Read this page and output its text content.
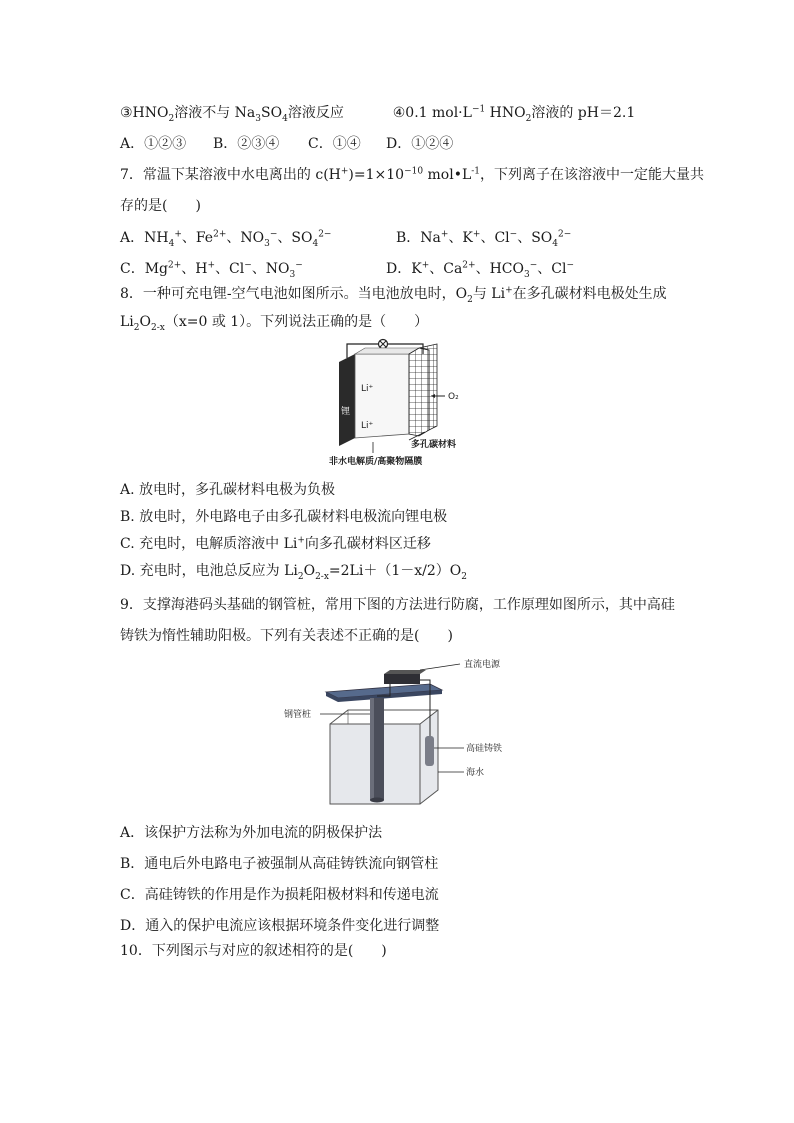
$③HNO_2$溶液不与 $Na_3SO_4$溶液反应	④0.1 $mol\cdot L^{-1}$ $HNO_2$溶液的 pH＝2.1
A．①②③ B．②③④ C．①④ D．①②④
7．常温下某溶液中水电离出的 $c(H^+)=1\times 10^{-10}$ $mol•L^{-1}$，下列离子在该溶液中一定能大量共
存的是(　　)
A．$NH_4^+$、$Fe^{2+}$、$NO_3^-$、$SO_4^{2-}$	B．Na+、K+、Cl−、$SO_4^{2-}$
C．$Mg^{2+}$、H+、Cl−、$NO_3^-$	D．K+、$Ca^{2+}$、$HCO_3^-$、Cl−
8．一种可充电锂-空气电池如图所示。当电池放电时，$O_2$与 Li+在多孔碳材料电极处生成
$Li_2O_{2-x}(x=0$ 或 1）。下列说法正确的是（　　）
锂
Li⁺
Li⁺
O₂
多孔碳材料
非水电解质/高聚物隔膜
A. 放电时，多孔碳材料电极为负极
B. 放电时，外电路电子由多孔碳材料电极流向锂电极
C. 充电时，电解质溶液中 Li+向多孔碳材料区迁移
D. 充电时，电池总反应为 $Li_2O_{2-x}=2Li+(1-x/2)O_2$
9．支撑海港码头基础的钢管桩，常用下图的方法进行防腐，工作原理如图所示，其中高硅
铸铁为惰性辅助阳极。下列有关表述不正确的是(　　)
直流电源
钢管桩
高硅铸铁
海水
A．该保护方法称为外加电流的阴极保护法
B．通电后外电路电子被强制从高硅铸铁流向钢管柱
C．高硅铸铁的作用是作为损耗阳极材料和传递电流
D．通入的保护电流应该根据环境条件变化进行调整
10．下列图示与对应的叙述相符的是(　　)
